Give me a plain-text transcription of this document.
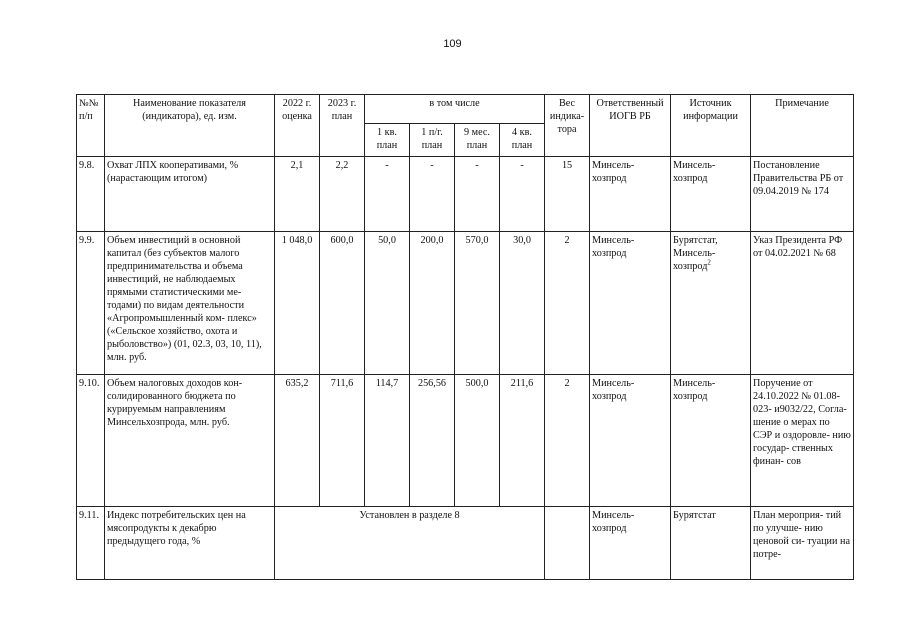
109
№№ п/п	Наименование показателя (индикатора), ед. изм.	2022 г. оценка	2023 г. план	в том числе				Вес индика- тора	Ответственный ИОГВ РБ	Источник информации	Примечание
				1 кв. план	1 п/г. план	9 мес. план	4 кв. план				
9.8.	Охват ЛПХ кооперативами, % (нарастающим итогом)	2,1	2,2	-	-	-	-	15	Минсель- хозпрод	Минсель- хозпрод	Постановление Правительства РБ от 09.04.2019 № 174
9.9.	Объем инвестиций в основной капитал (без субъектов малого предпринимательства и объема инвестиций, не наблюдаемых прямыми статистическими ме- тодами) по видам деятельности «Агропромышленный ком- плекс» («Сельское хозяйство, охота и рыболовство») (01, 02.3, 03, 10, 11), млн. руб.	1 048,0	600,0	50,0	200,0	570,0	30,0	2	Минсель- хозпрод	Бурятстат, Минсель- хозпрод$^2$	Указ Президента РФ от 04.02.2021 № 68
9.10.	Объем налоговых доходов кон- солидированного бюджета по курируемым направлениям Минсельхозпрода, млн. руб.	635,2	711,6	114,7	256,56	500,0	211,6	2	Минсель- хозпрод	Минсель- хозпрод	Поручение от 24.10.2022 № 01.08-023- и9032/22, Согла- шение о мерах по СЭР и оздоровле- нию государ- ственных финан- сов
9.11.	Индекс потребительских цен на мясопродукты к декабрю предыдущего года, %	Установлен в разделе 8							Минсель- хозпрод	Бурятстат	План мероприя- тий по улучше- нию ценовой си- туации на потре-
